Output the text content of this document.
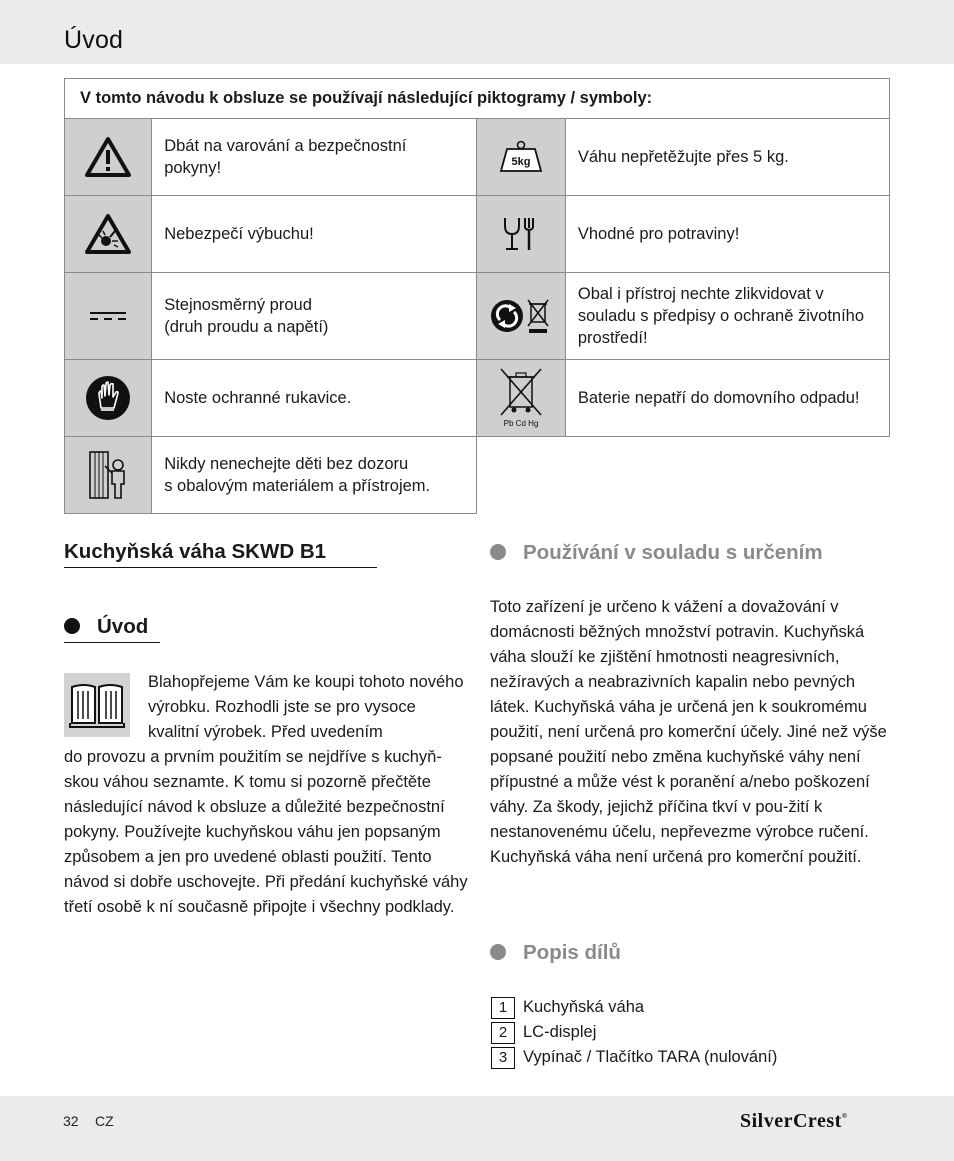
Úvod
V tomto návodu k obsluze se používají následující piktogramy / symboly:			

	Dbát na varování a bezpečnostní pokyny!	5kg	Váhu nepřetěžujte přes 5 kg.

	Nebezpečí výbuchu!		Vhodné pro potraviny!

	Stejnosměrný proud
(druh proudu a napětí)		Obal i přístroj nechte zlikvidovat v souladu s předpisy o ochraně životního prostředí!

	Noste ochranné rukavice.	Pb Cd Hg	Baterie nepatří do domovního odpadu!

	Nikdy nenechejte děti bez dozoru
s obalovým materiálem a přístrojem.		
Kuchyňská váha SKWD B1
Úvod
Blahopřejeme Vám ke koupi tohoto nového výrobku. Rozhodli jste se pro vysoce kvalitní výrobek. Před uvedením
do provozu a prvním použitím se nejdříve s kuchyň-skou váhou seznamte. K tomu si pozorně přečtěte následující návod k obsluze a důležité bezpečnostní pokyny. Používejte kuchyňskou váhu jen popsaným způsobem a jen pro uvedené oblasti použití. Tento návod si dobře uschovejte. Při předání kuchyňské váhy třetí osobě k ní současně připojte i všechny podklady.
Používání v souladu s určením
Toto zařízení je určeno k vážení a dovažování v domácnosti běžných množství potravin. Kuchyňská váha slouží ke zjištění hmotnosti neagresivních, nežíravých a neabrazivních kapalin nebo pevných látek. Kuchyňská váha je určená jen k soukromému použití, není určená pro komerční účely. Jiné než výše popsané použití nebo změna kuchyňské váhy není přípustné a může vést k poranění a/nebo poškození váhy. Za škody, jejichž příčina tkví v pou-žití k nestanovenému účelu, nepřevezme výrobce ručení. Kuchyňská váha není určená pro komerční použití.
Popis dílů
1 Kuchyňská váha
2 LC-displej
3 Vypínač / Tlačítko TARA (nulování)
32 CZ	SilverCrest®
